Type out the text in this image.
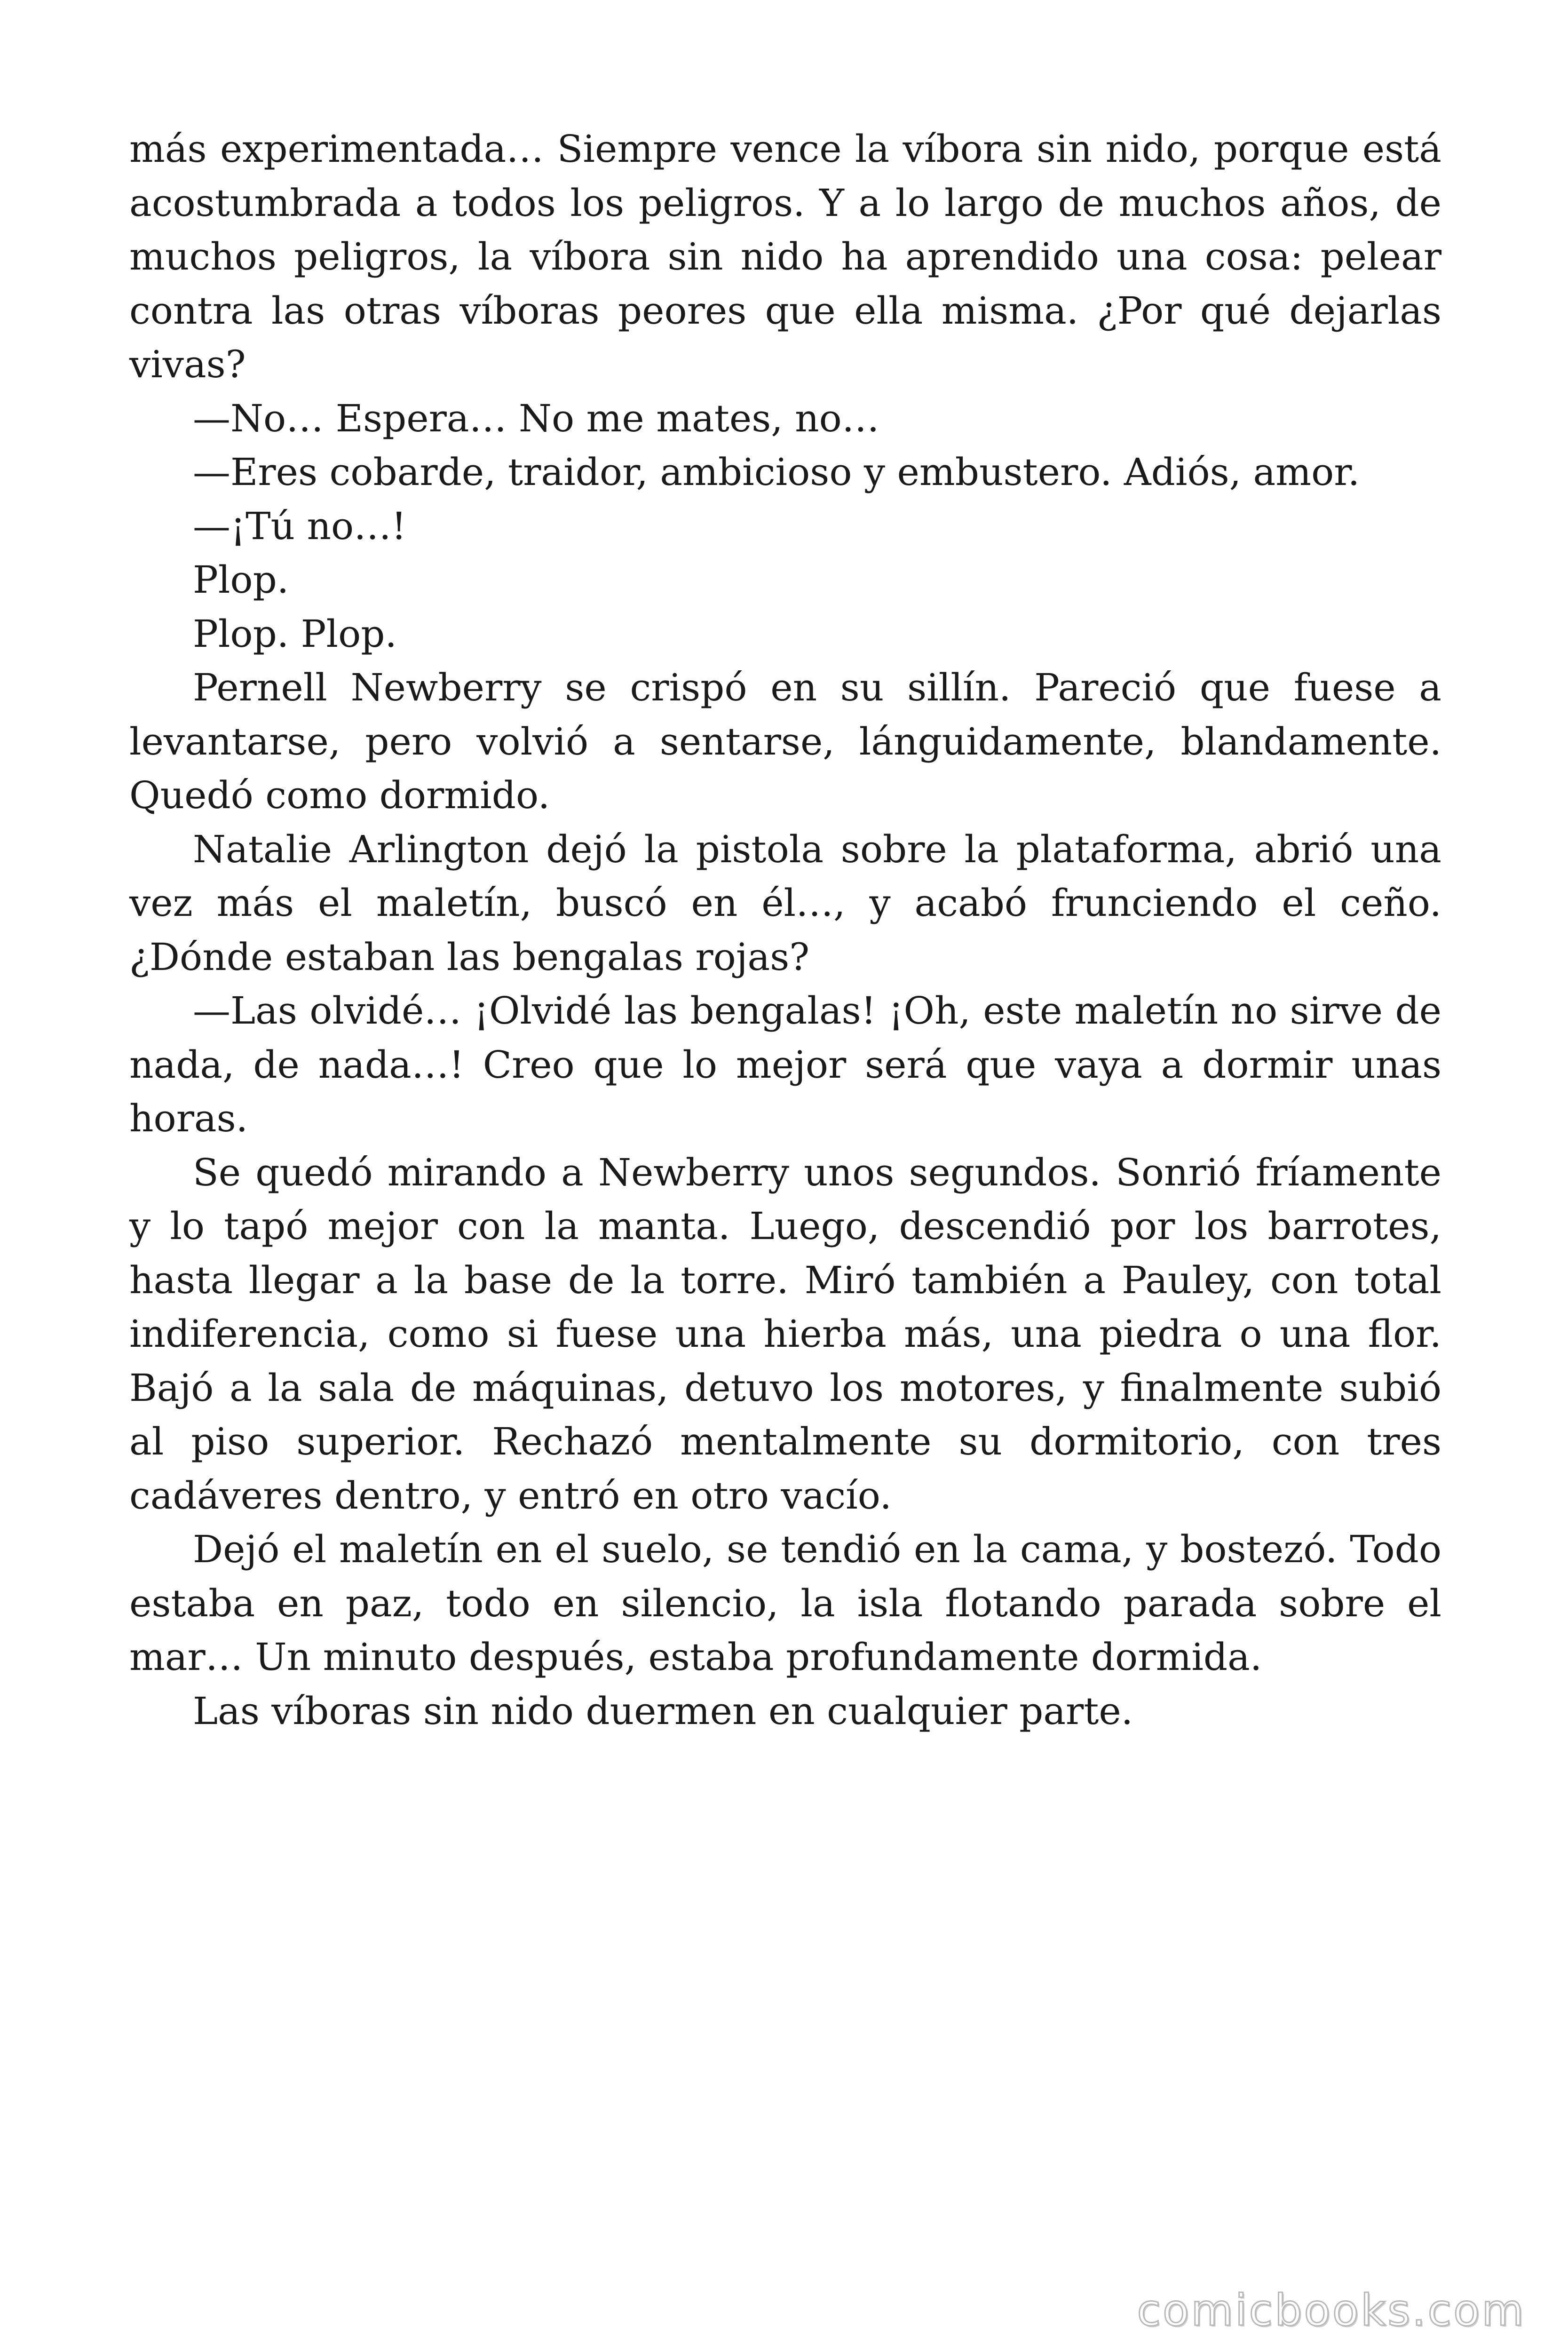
más experimentada… Siempre vence la víbora sin nido, porque está acostumbrada a todos los peligros. Y a lo largo de muchos años, de muchos peligros, la víbora sin nido ha aprendido una cosa: pelear contra las otras víboras peores que ella misma. ¿Por qué dejarlas vivas?

—No… Espera… No me mates, no…

—Eres cobarde, traidor, ambicioso y embustero. Adiós, amor.

—¡Tú no…!

Plop.

Plop. Plop.

Pernell Newberry se crispó en su sillín. Pareció que fuese a levantarse, pero volvió a sentarse, lánguidamente, blandamente. Quedó como dormido.

Natalie Arlington dejó la pistola sobre la plataforma, abrió una vez más el maletín, buscó en él…, y acabó frunciendo el ceño. ¿Dónde estaban las bengalas rojas?

—Las olvidé… ¡Olvidé las bengalas! ¡Oh, este maletín no sirve de nada, de nada…! Creo que lo mejor será que vaya a dormir unas horas.

Se quedó mirando a Newberry unos segundos. Sonrió fríamente y lo tapó mejor con la manta. Luego, descendió por los barrotes, hasta llegar a la base de la torre. Miró también a Pauley, con total indiferencia, como si fuese una hierba más, una piedra o una flor. Bajó a la sala de máquinas, detuvo los motores, y finalmente subió al piso superior. Rechazó mentalmente su dormitorio, con tres cadáveres dentro, y entró en otro vacío.

Dejó el maletín en el suelo, se tendió en la cama, y bostezó. Todo estaba en paz, todo en silencio, la isla flotando parada sobre el mar… Un minuto después, estaba profundamente dormida.

Las víboras sin nido duermen en cualquier parte.

comicbooks.com
